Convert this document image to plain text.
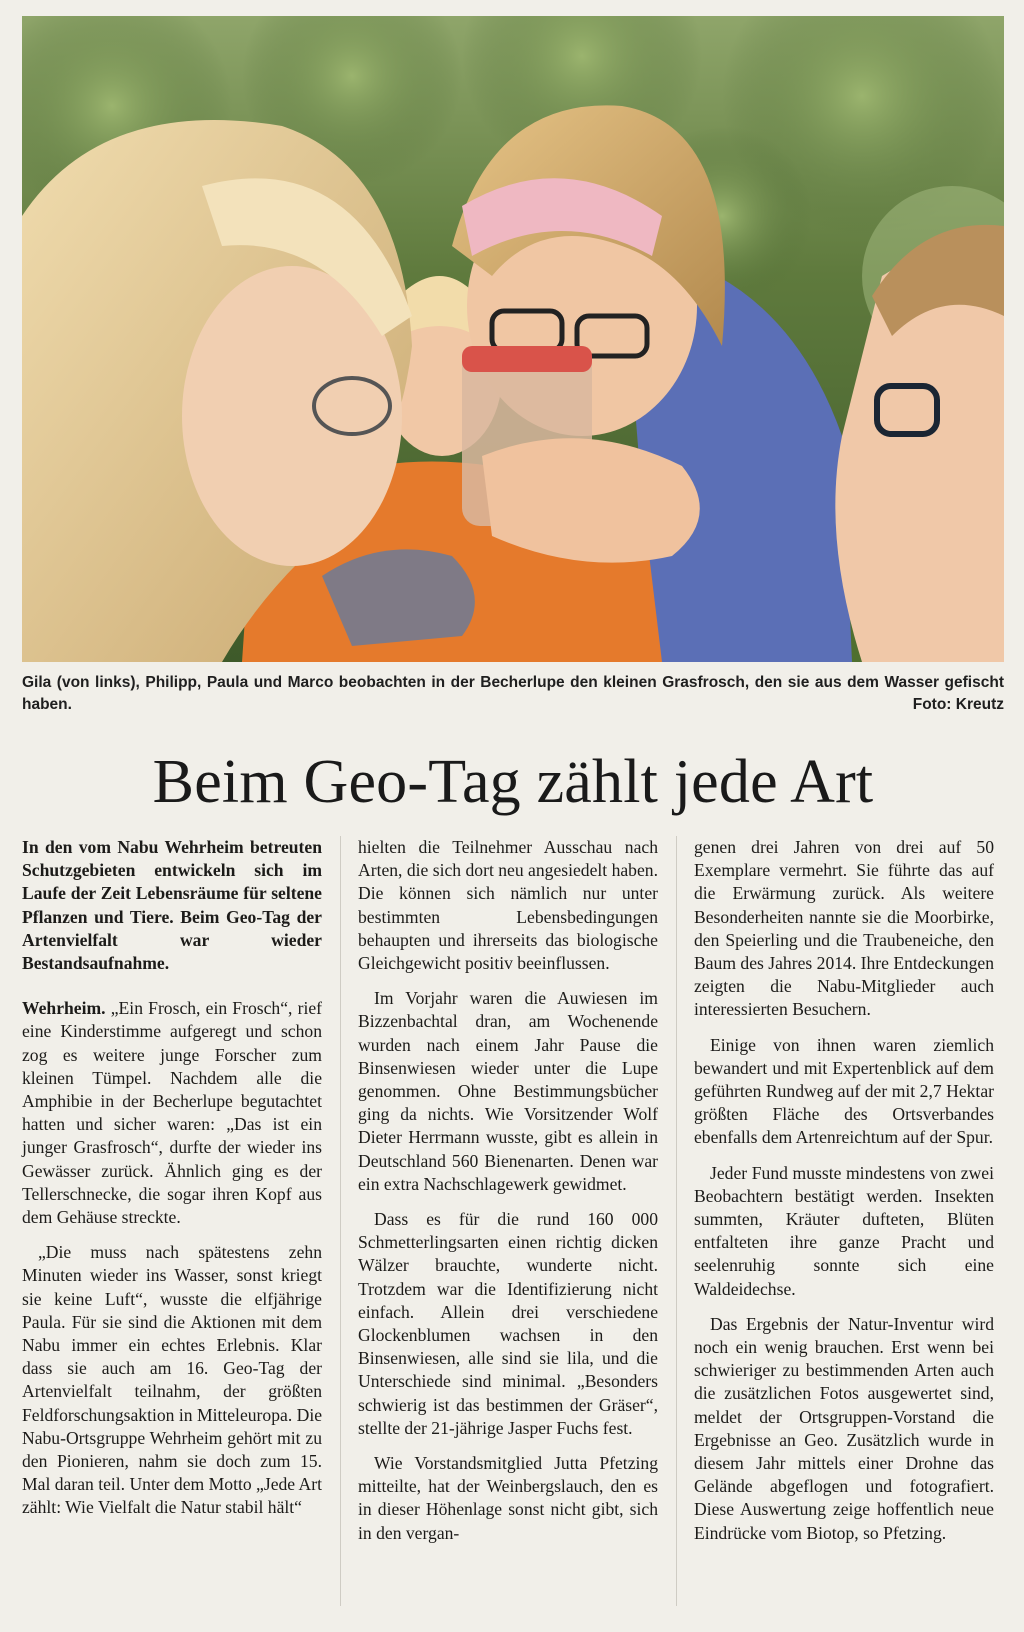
Gila (von links), Philipp, Paula und Marco beobachten in der Becherlupe den kleinen Grasfrosch, den sie aus dem Wasser gefischt haben.	Foto: Kreutz
Beim Geo-Tag zählt jede Art

In den vom Nabu Wehrheim betreuten Schutzgebieten entwickeln sich im Laufe der Zeit Lebensräume für seltene Pflanzen und Tiere. Beim Geo-Tag der Artenvielfalt war wieder Bestandsaufnahme.

Wehrheim. „Ein Frosch, ein Frosch“, rief eine Kinderstimme aufgeregt und schon zog es weitere junge Forscher zum kleinen Tümpel. Nachdem alle die Amphibie in der Becherlupe begutachtet hatten und sicher waren: „Das ist ein junger Grasfrosch“, durfte der wieder ins Gewässer zurück. Ähnlich ging es der Tellerschnecke, die sogar ihren Kopf aus dem Gehäuse streckte.

„Die muss nach spätestens zehn Minuten wieder ins Wasser, sonst kriegt sie keine Luft“, wusste die elfjährige Paula. Für sie sind die Aktionen mit dem Nabu immer ein echtes Erlebnis. Klar dass sie auch am 16. Geo-Tag der Artenvielfalt teilnahm, der größten Feldforschungsaktion in Mitteleuropa. Die Nabu-Ortsgruppe Wehrheim gehört mit zu den Pionieren, nahm sie doch zum 15. Mal daran teil. Unter dem Motto „Jede Art zählt: Wie Vielfalt die Natur stabil hält“

hielten die Teilnehmer Ausschau nach Arten, die sich dort neu angesiedelt haben. Die können sich nämlich nur unter bestimmten Lebensbedingungen behaupten und ihrerseits das biologische Gleichgewicht positiv beeinflussen.

Im Vorjahr waren die Auwiesen im Bizzenbachtal dran, am Wochenende wurden nach einem Jahr Pause die Binsenwiesen wieder unter die Lupe genommen. Ohne Bestimmungsbücher ging da nichts. Wie Vorsitzender Wolf Dieter Herrmann wusste, gibt es allein in Deutschland 560 Bienenarten. Denen war ein extra Nachschlagewerk gewidmet.

Dass es für die rund 160 000 Schmetterlingsarten einen richtig dicken Wälzer brauchte, wunderte nicht. Trotzdem war die Identifizierung nicht einfach. Allein drei verschiedene Glockenblumen wachsen in den Binsenwiesen, alle sind sie lila, und die Unterschiede sind minimal. „Besonders schwierig ist das bestimmen der Gräser“, stellte der 21-jährige Jasper Fuchs fest.

Wie Vorstandsmitglied Jutta Pfetzing mitteilte, hat der Weinbergslauch, den es in dieser Höhenlage sonst nicht gibt, sich in den vergan-

genen drei Jahren von drei auf 50 Exemplare vermehrt. Sie führte das auf die Erwärmung zurück. Als weitere Besonderheiten nannte sie die Moorbirke, den Speierling und die Traubeneiche, den Baum des Jahres 2014. Ihre Entdeckungen zeigten die Nabu-Mitglieder auch interessierten Besuchern.

Einige von ihnen waren ziemlich bewandert und mit Expertenblick auf dem geführten Rundweg auf der mit 2,7 Hektar größten Fläche des Ortsverbandes ebenfalls dem Artenreichtum auf der Spur.

Jeder Fund musste mindestens von zwei Beobachtern bestätigt werden. Insekten summten, Kräuter dufteten, Blüten entfalteten ihre ganze Pracht und seelenruhig sonnte sich eine Waldeidechse.

Das Ergebnis der Natur-Inventur wird noch ein wenig brauchen. Erst wenn bei schwieriger zu bestimmenden Arten auch die zusätzlichen Fotos ausgewertet sind, meldet der Ortsgruppen-Vorstand die Ergebnisse an Geo. Zusätzlich wurde in diesem Jahr mittels einer Drohne das Gelände abgeflogen und fotografiert. Diese Auswertung zeige hoffentlich neue Eindrücke vom Biotop, so Pfetzing.
